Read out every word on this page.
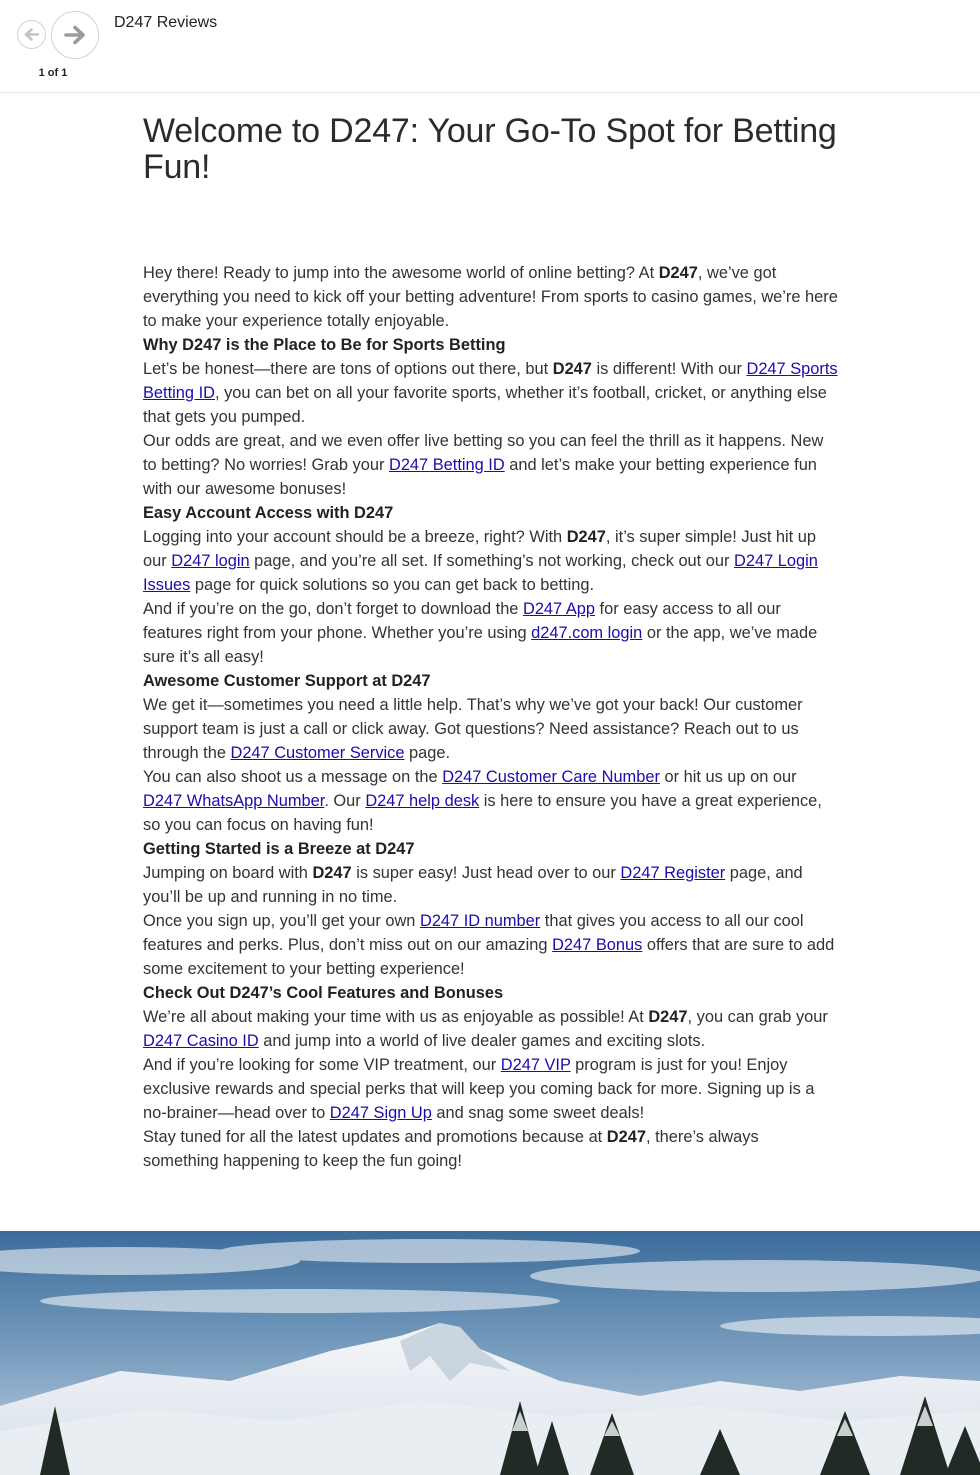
1 of 1
D247 Reviews
Welcome to D247: Your Go-To Spot for Betting Fun!

Hey there! Ready to jump into the awesome world of online betting? At D247, we’ve got everything you need to kick off your betting adventure! From sports to casino games, we’re here to make your experience totally enjoyable.

Why D247 is the Place to Be for Sports Betting

Let’s be honest—there are tons of options out there, but D247 is different! With our D247 Sports Betting ID, you can bet on all your favorite sports, whether it’s football, cricket, or anything else that gets you pumped.

Our odds are great, and we even offer live betting so you can feel the thrill as it happens. New to betting? No worries! Grab your D247 Betting ID and let’s make your betting experience fun with our awesome bonuses!

Easy Account Access with D247

Logging into your account should be a breeze, right? With D247, it’s super simple! Just hit up our D247 login page, and you’re all set. If something’s not working, check out our D247 Login Issues page for quick solutions so you can get back to betting.

And if you’re on the go, don’t forget to download the D247 App for easy access to all our features right from your phone. Whether you’re using d247.com login or the app, we’ve made sure it’s all easy!

Awesome Customer Support at D247

We get it—sometimes you need a little help. That’s why we’ve got your back! Our customer support team is just a call or click away. Got questions? Need assistance? Reach out to us through the D247 Customer Service page.

You can also shoot us a message on the D247 Customer Care Number or hit us up on our D247 WhatsApp Number. Our D247 help desk is here to ensure you have a great experience, so you can focus on having fun!

Getting Started is a Breeze at D247

Jumping on board with D247 is super easy! Just head over to our D247 Register page, and you’ll be up and running in no time.

Once you sign up, you’ll get your own D247 ID number that gives you access to all our cool features and perks. Plus, don’t miss out on our amazing D247 Bonus offers that are sure to add some excitement to your betting experience!

Check Out D247’s Cool Features and Bonuses

We’re all about making your time with us as enjoyable as possible! At D247, you can grab your D247 Casino ID and jump into a world of live dealer games and exciting slots.

And if you’re looking for some VIP treatment, our D247 VIP program is just for you! Enjoy exclusive rewards and special perks that will keep you coming back for more. Signing up is a no-brainer—head over to D247 Sign Up and snag some sweet deals!

Stay tuned for all the latest updates and promotions because at D247, there’s always something happening to keep the fun going!
